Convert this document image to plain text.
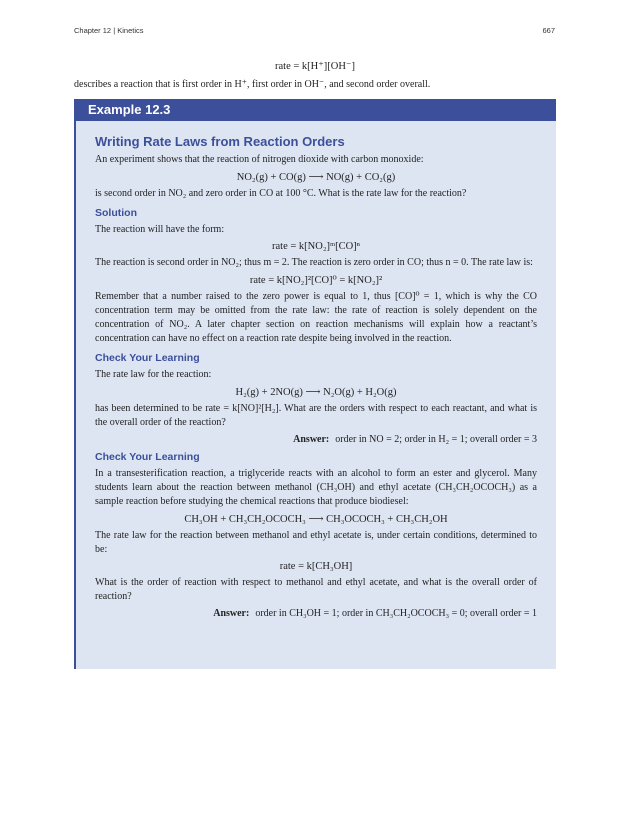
Chapter 12 | Kinetics	667
rate = k[H⁺][OH⁻]
describes a reaction that is first order in H⁺, first order in OH⁻, and second order overall.
Example 12.3
Writing Rate Laws from Reaction Orders

An experiment shows that the reaction of nitrogen dioxide with carbon monoxide:

NO₂(g) + CO(g) ⟶ NO(g) + CO₂(g)

is second order in NO₂ and zero order in CO at 100 °C. What is the rate law for the reaction?

Solution

The reaction will have the form:

rate = k[NO₂]ᵐ[CO]ⁿ

The reaction is second order in NO₂; thus m = 2. The reaction is zero order in CO; thus n = 0. The rate law is:

rate = k[NO₂]²[CO]⁰ = k[NO₂]²

Remember that a number raised to the zero power is equal to 1, thus [CO]⁰ = 1, which is why the CO concentration term may be omitted from the rate law: the rate of reaction is solely dependent on the concentration of NO₂. A later chapter section on reaction mechanisms will explain how a reactant’s concentration can have no effect on a reaction rate despite being involved in the reaction.

Check Your Learning

The rate law for the reaction:

H₂(g) + 2NO(g) ⟶ N₂O(g) + H₂O(g)

has been determined to be rate = k[NO]²[H₂]. What are the orders with respect to each reactant, and what is the overall order of the reaction?

Answer: order in NO = 2; order in H₂ = 1; overall order = 3
Check Your Learning

In a transesterification reaction, a triglyceride reacts with an alcohol to form an ester and glycerol. Many students learn about the reaction between methanol (CH₃OH) and ethyl acetate (CH₃CH₂OCOCH₃) as a sample reaction before studying the chemical reactions that produce biodiesel:

CH₃OH + CH₃CH₂OCOCH₃ ⟶ CH₃OCOCH₃ + CH₃CH₂OH

The rate law for the reaction between methanol and ethyl acetate is, under certain conditions, determined to be:

rate = k[CH₃OH]

What is the order of reaction with respect to methanol and ethyl acetate, and what is the overall order of reaction?

Answer: order in CH₃OH = 1; order in CH₃CH₂OCOCH₃ = 0; overall order = 1
